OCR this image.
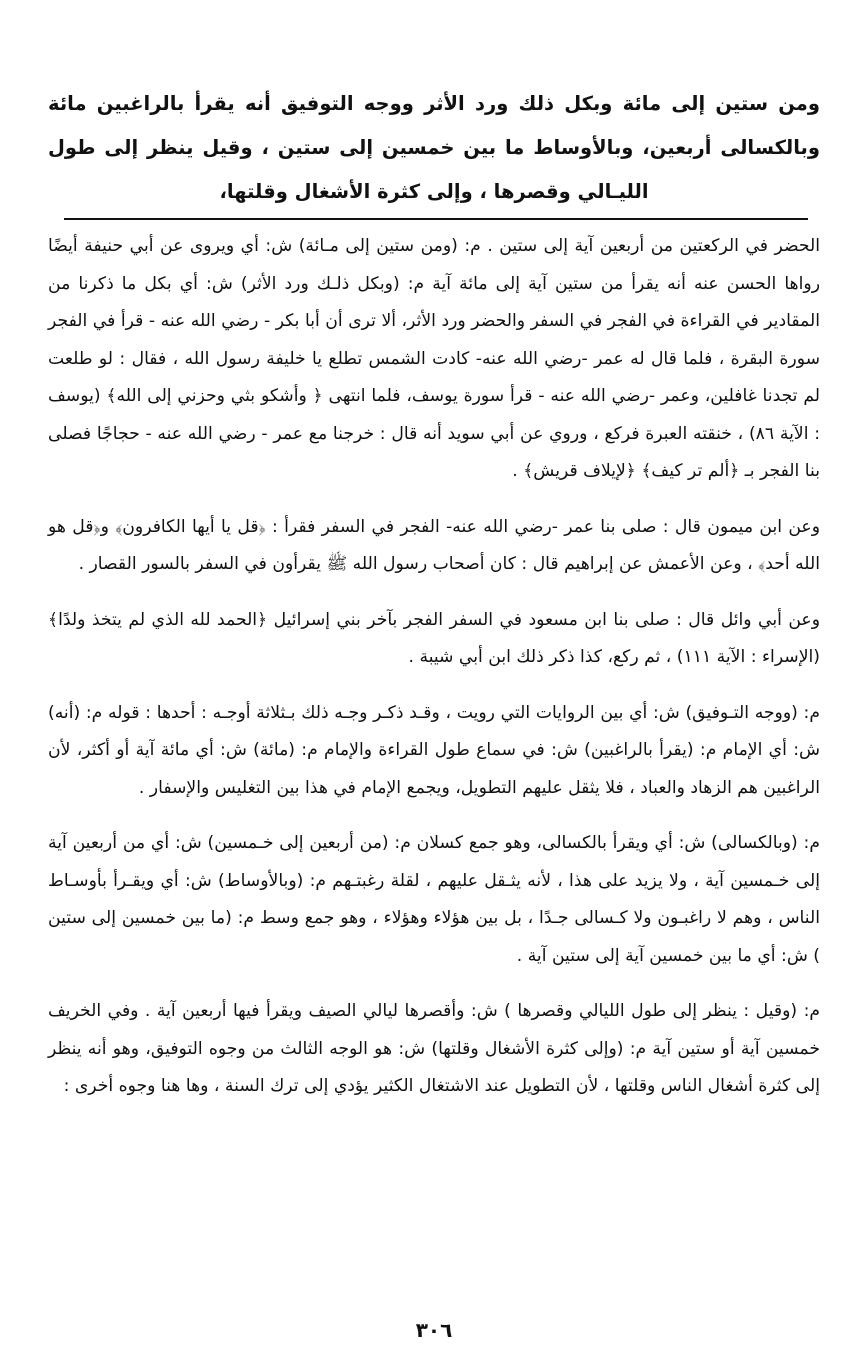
ومن ستين إلى مائة وبكل ذلك ورد الأثر ووجه التوفيق أنه يقرأ بالراغبين مائة وبالكسالى أربعين، وبالأوساط ما بين خمسين إلى ستين ، وقيل ينظر إلى طول الليـالي وقصرها ، وإلى كثرة الأشغال وقلتها،

الحضر في الركعتين من أربعين آية إلى ستين . م: (ومن ستين إلى مـائة) ش: أي ويروى عن أبي حنيفة أيضًا رواها الحسن عنه أنه يقرأ من ستين آية إلى مائة آية م: (وبكل ذلـك ورد الأثر) ش: أي بكل ما ذكرنا من المقادير في القراءة في الفجر في السفر والحضر ورد الأثر، ألا ترى أن أبا بكر - رضي الله عنه - قرأ في الفجر سورة البقرة ، فلما قال له عمر -رضي الله عنه- كادت الشمس تطلع يا خليفة رسول الله ، فقال : لو طلعت لم تجدنا غافلين، وعمر -رضي الله عنه - قرأ سورة يوسف، فلما انتهى ﴿ وأشكو بثي وحزني إلى الله﴾ (يوسف : الآية ٨٦) ، خنقته العبرة فركع ، وروي عن أبي سويد أنه قال : خرجنا مع عمر - رضي الله عنه - حجاجًا فصلى بنا الفجر بـ ﴿ألم تر كيف﴾ ﴿لإيلاف قريش﴾ .

وعن ابن ميمون قال : صلى بنا عمر -رضي الله عنه- الفجر في السفر فقرأ : ﴿قل يا أيها الكافرون﴾ و﴿قل هو الله أحد﴾ ، وعن الأعمش عن إبراهيم قال : كان أصحاب رسول الله ﷺ يقرأون في السفر بالسور القصار .

وعن أبي وائل قال : صلى بنا ابن مسعود في السفر الفجر بآخر بني إسرائيل ﴿الحمد لله الذي لم يتخذ ولدًا﴾ (الإسراء : الآية ١١١) ، ثم ركع، كذا ذكر ذلك ابن أبي شيبة .

م: (ووجه التـوفيق) ش: أي بين الروايات التي رويت ، وقـد ذكـر وجـه ذلك بـثلاثة أوجـه : أحدها : قوله م: (أنه) ش: أي الإمام م: (يقرأ بالراغبين) ش: في سماع طول القراءة والإمام م: (مائة) ش: أي مائة آية أو أكثر، لأن الراغبين هم الزهاد والعباد ، فلا يثقل عليهم التطويل، ويجمع الإمام في هذا بين التغليس والإسفار .

م: (وبالكسالى) ش: أي ويقرأ بالكسالى، وهو جمع كسلان م: (من أربعين إلى خـمسين) ش: أي من أربعين آية إلى خـمسين آية ، ولا يزيد على هذا ، لأنه يثـقل عليهم ، لقلة رغبتـهم م: (وبالأوساط) ش: أي ويقـرأ بأوسـاط الناس ، وهم لا راغبـون ولا كـسالى جـدًا ، بل بين هؤلاء وهؤلاء ، وهو جمع وسط م: (ما بين خمسين إلى ستين ) ش: أي ما بين خمسين آية إلى ستين آية .

م: (وقيل : ينظر إلى طول الليالي وقصرها ) ش: وأقصرها ليالي الصيف ويقرأ فيها أربعين آية . وفي الخريف خمسين آية أو ستين آية م: (وإلى كثرة الأشغال وقلتها) ش: هو الوجه الثالث من وجوه التوفيق، وهو أنه ينظر إلى كثرة أشغال الناس وقلتها ، لأن التطويل عند الاشتغال الكثير يؤدي إلى ترك السنة ، وها هنا وجوه أخرى :

٣٠٦
